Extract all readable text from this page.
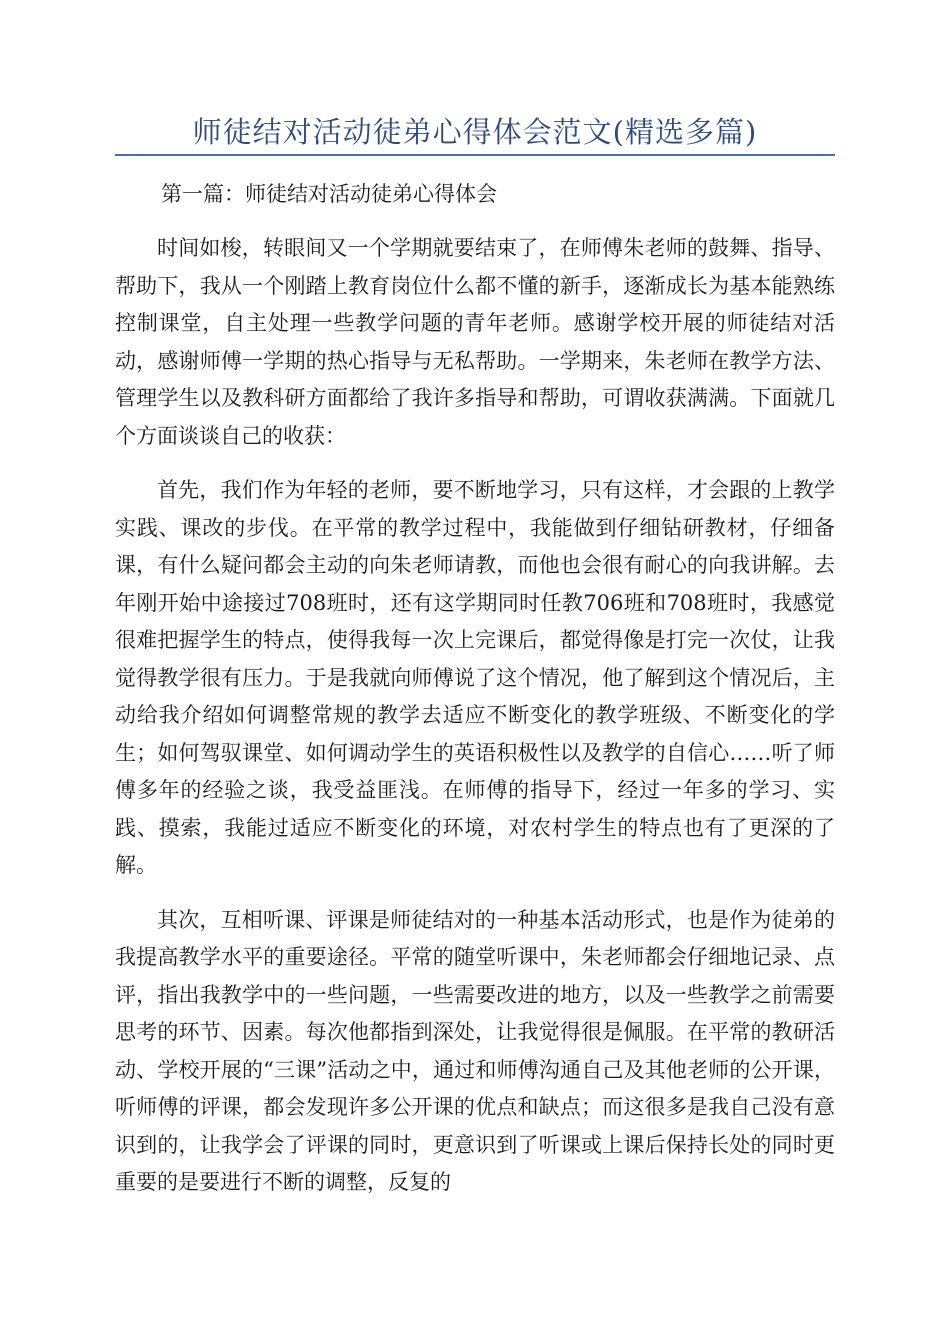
师徒结对活动徒弟心得体会范文(精选多篇)

第一篇：师徒结对活动徒弟心得体会

时间如梭，转眼间又一个学期就要结束了，在师傅朱老师的鼓舞、指导、帮助下，我从一个刚踏上教育岗位什么都不懂的新手，逐渐成长为基本能熟练控制课堂，自主处理一些教学问题的青年老师。感谢学校开展的师徒结对活动，感谢师傅一学期的热心指导与无私帮助。一学期来，朱老师在教学方法、管理学生以及教科研方面都给了我许多指导和帮助，可谓收获满满。下面就几个方面谈谈自己的收获：

首先，我们作为年轻的老师，要不断地学习，只有这样，才会跟的上教学实践、课改的步伐。在平常的教学过程中，我能做到仔细钻研教材，仔细备课，有什么疑问都会主动的向朱老师请教，而他也会很有耐心的向我讲解。去年刚开始中途接过708班时，还有这学期同时任教706班和708班时，我感觉很难把握学生的特点，使得我每一次上完课后，都觉得像是打完一次仗，让我觉得教学很有压力。于是我就向师傅说了这个情况，他了解到这个情况后，主动给我介绍如何调整常规的教学去适应不断变化的教学班级、不断变化的学生；如何驾驭课堂、如何调动学生的英语积极性以及教学的自信心……听了师傅多年的经验之谈，我受益匪浅。在师傅的指导下，经过一年多的学习、实践、摸索，我能过适应不断变化的环境，对农村学生的特点也有了更深的了解。

其次，互相听课、评课是师徒结对的一种基本活动形式，也是作为徒弟的我提高教学水平的重要途径。平常的随堂听课中，朱老师都会仔细地记录、点评，指出我教学中的一些问题，一些需要改进的地方，以及一些教学之前需要思考的环节、因素。每次他都指到深处，让我觉得很是佩服。在平常的教研活动、学校开展的“三课”活动之中，通过和师傅沟通自己及其他老师的公开课，听师傅的评课，都会发现许多公开课的优点和缺点；而这很多是我自己没有意识到的，让我学会了评课的同时，更意识到了听课或上课后保持长处的同时更重要的是要进行不断的调整，反复的
